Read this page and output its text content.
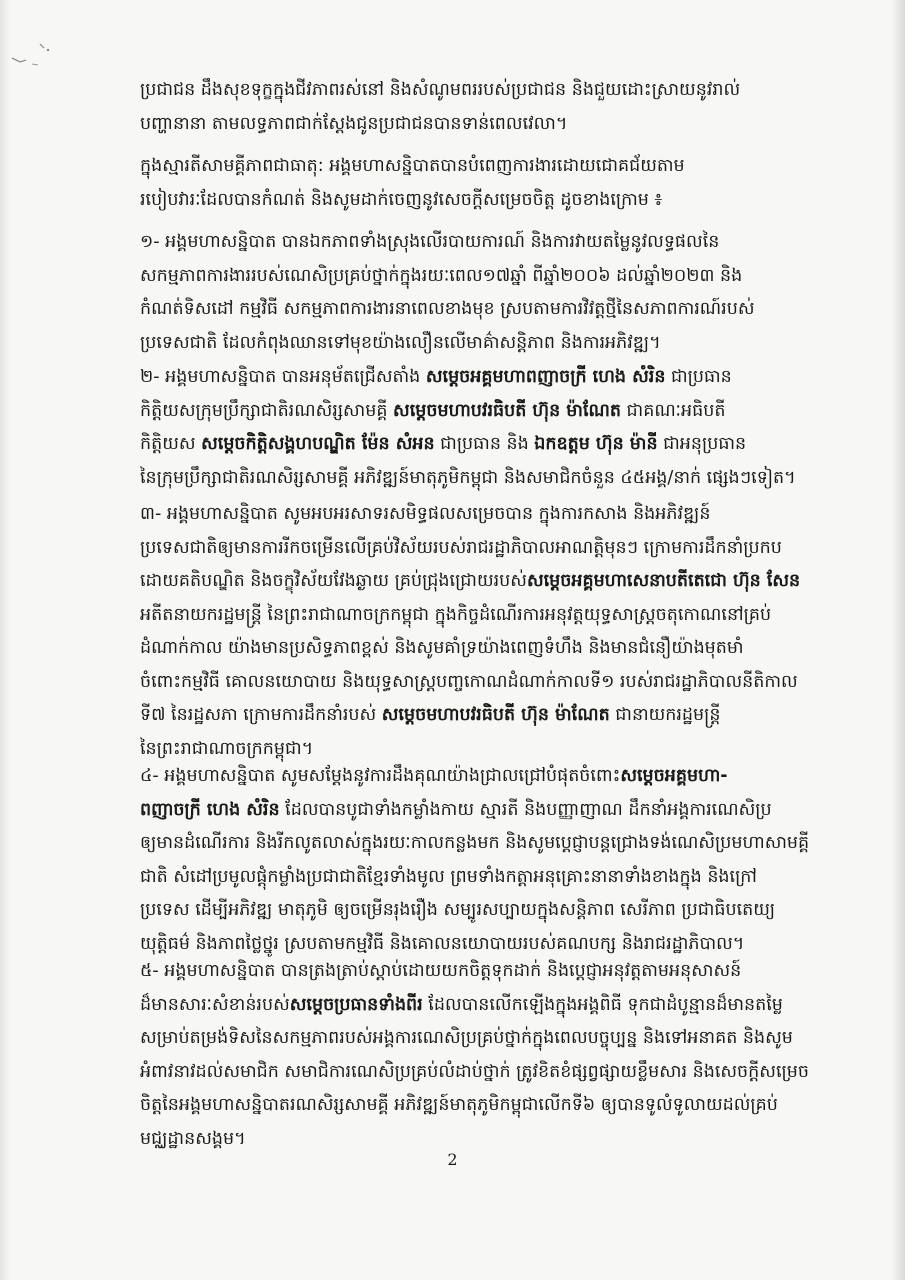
ប្រជាជន ដឹងសុខទុក្ខក្នុងជីវភាពរស់នៅ និងសំណូមពររបស់ប្រជាជន និងជួយដោះស្រាយនូវរាល់

បញ្ហានានា តាមលទ្ធភាពជាក់ស្តែងជូនប្រជាជនបានទាន់ពេលវេលា។

ក្នុងស្មារតីសាមគ្គីភាពជាធាតុ: អង្គមហាសន្និបាតបានបំពេញការងារដោយជោគជ័យតាម

របៀបវារៈដែលបានកំណត់ និងសូមដាក់ចេញនូវសេចក្តីសម្រេចចិត្ត ដូចខាងក្រោម ៖

១- អង្គមហាសន្និបាត បានឯកភាពទាំងស្រុងលើរបាយការណ៍ និងការវាយតម្លៃនូវលទ្ធផលនៃ

សកម្មភាពការងាររបស់ណេសិប្រគ្រប់ថ្នាក់ក្នុងរយៈពេល១៧ឆ្នាំ ពីឆ្នាំ២០០៦ ដល់ឆ្នាំ២០២៣ និង

កំណត់ទិសដៅ កម្មវិធី សកម្មភាពការងារនាពេលខាងមុខ ស្របតាមការវិវត្តថ្មីនៃសភាពការណ៍របស់

ប្រទេសជាតិ ដែលកំពុងឈានទៅមុខយ៉ាងលឿនលើមាគ៌ាសន្តិភាព និងការអភិវឌ្ឍ។

២- អង្គមហាសន្និបាត បានអនុម័តជ្រើសតាំង សម្តេចអគ្គមហាពញាចក្រី ហេង សំរិន ជាប្រធាន

កិត្តិយសក្រុមប្រឹក្សាជាតិរណសិរ្សសាមគ្គី សម្តេចមហាបវរធិបតី ហ៊ុន ម៉ាណែត ជាគណៈអធិបតី

កិត្តិយស សម្តេចកិត្តិសង្គហបណ្ឌិត ម៉ែន សំអន ជាប្រធាន និង ឯកឧត្តម ហ៊ុន ម៉ានី ជាអនុប្រធាន

នៃក្រុមប្រឹក្សាជាតិរណសិរ្សសាមគ្គី អភិវឌ្ឍន៍មាតុភូមិកម្ពុជា និងសមាជិកចំនួន ៤៥អង្គ/នាក់ ផ្សេងៗទៀត។

៣- អង្គមហាសន្និបាត សូមអបអរសាទរសមិទ្ធផលសម្រេចបាន ក្នុងការកសាង និងអភិវឌ្ឍន៍

ប្រទេសជាតិឲ្យមានការរីកចម្រើនលើគ្រប់វិស័យរបស់រាជរដ្ឋាភិបាលអាណត្តិមុនៗ ក្រោមការដឹកនាំប្រកប

ដោយគតិបណ្ឌិត និងចក្ខុវិស័យវែងឆ្ងាយ គ្រប់ជ្រុងជ្រោយរបស់សម្តេចអគ្គមហាសេនាបតីតេជោ ហ៊ុន សែន

អតីតនាយករដ្ឋមន្ត្រី នៃព្រះរាជាណាចក្រកម្ពុជា ក្នុងកិច្ចដំណើរការអនុវត្តយុទ្ធសាស្ត្រចតុកោណនៅគ្រប់

ដំណាក់កាល យ៉ាងមានប្រសិទ្ធភាពខ្ពស់ និងសូមគាំទ្រយ៉ាងពេញទំហឹង និងមានជំនឿយ៉ាងមុតមាំ

ចំពោះកម្មវិធី គោលនយោបាយ និងយុទ្ធសាស្ត្របញ្ចកោណដំណាក់កាលទី១ របស់រាជរដ្ឋាភិបាលនីតិកាល

ទី៧ នៃរដ្ឋសភា ក្រោមការដឹកនាំរបស់ សម្តេចមហាបវរធិបតី ហ៊ុន ម៉ាណែត ជានាយករដ្ឋមន្ត្រី

នៃព្រះរាជាណាចក្រកម្ពុជា។

៤- អង្គមហាសន្និបាត សូមសម្តែងនូវការដឹងគុណយ៉ាងជ្រាលជ្រៅបំផុតចំពោះសម្តេចអគ្គមហា-

ពញាចក្រី ហេង សំរិន ដែលបានបូជាទាំងកម្លាំងកាយ ស្មារតី និងបញ្ញាញាណ ដឹកនាំអង្គការណេសិប្រ

ឲ្យមានដំណើរការ និងរីកលូតលាស់ក្នុងរយៈកាលកន្លងមក និងសូមប្តេជ្ញាបន្តជ្រោងទង់ណេសិប្រមហាសាមគ្គី

ជាតិ សំដៅប្រមូលផ្តុំកម្លាំងប្រជាជាតិខ្មែរទាំងមូល ព្រមទាំងកត្តាអនុគ្រោះនានាទាំងខាងក្នុង និងក្រៅ

ប្រទេស ដើម្បីអភិវឌ្ឍ មាតុភូមិ ឲ្យចម្រើនរុងរឿង សម្បូរសប្បាយក្នុងសន្តិភាព សេរីភាព ប្រជាធិបតេយ្យ

យុត្តិធម៌ និងភាពថ្លៃថ្នូរ ស្របតាមកម្មវិធី និងគោលនយោបាយរបស់គណបក្ស និងរាជរដ្ឋាភិបាល។

៥- អង្គមហាសន្និបាត បានត្រងត្រាប់ស្តាប់ដោយយកចិត្តទុកដាក់ និងប្តេជ្ញាអនុវត្តតាមអនុសាសន៍

ដ៏មានសារៈសំខាន់របស់សម្តេចប្រធានទាំងពីរ ដែលបានលើកឡើងក្នុងអង្គពិធី ទុកជាដំបូន្មានដ៏មានតម្លៃ

សម្រាប់តម្រង់ទិសនៃសកម្មភាពរបស់អង្គការណេសិប្រគ្រប់ថ្នាក់ក្នុងពេលបច្ចុប្បន្ន និងទៅអនាគត និងសូម

អំពាវនាវដល់សមាជិក សមាជិការណេសិប្រគ្រប់លំដាប់ថ្នាក់ ត្រូវខិតខំផ្សព្វផ្សាយខ្លឹមសារ និងសេចក្តីសម្រេច

ចិត្តនៃអង្គមហាសន្និបាតរណសិរ្សសាមគ្គី អភិវឌ្ឍន៍មាតុភូមិកម្ពុជាលើកទី៦ ឲ្យបានទូលំទូលាយដល់គ្រប់

មជ្ឈដ្ឋានសង្គម។

2
